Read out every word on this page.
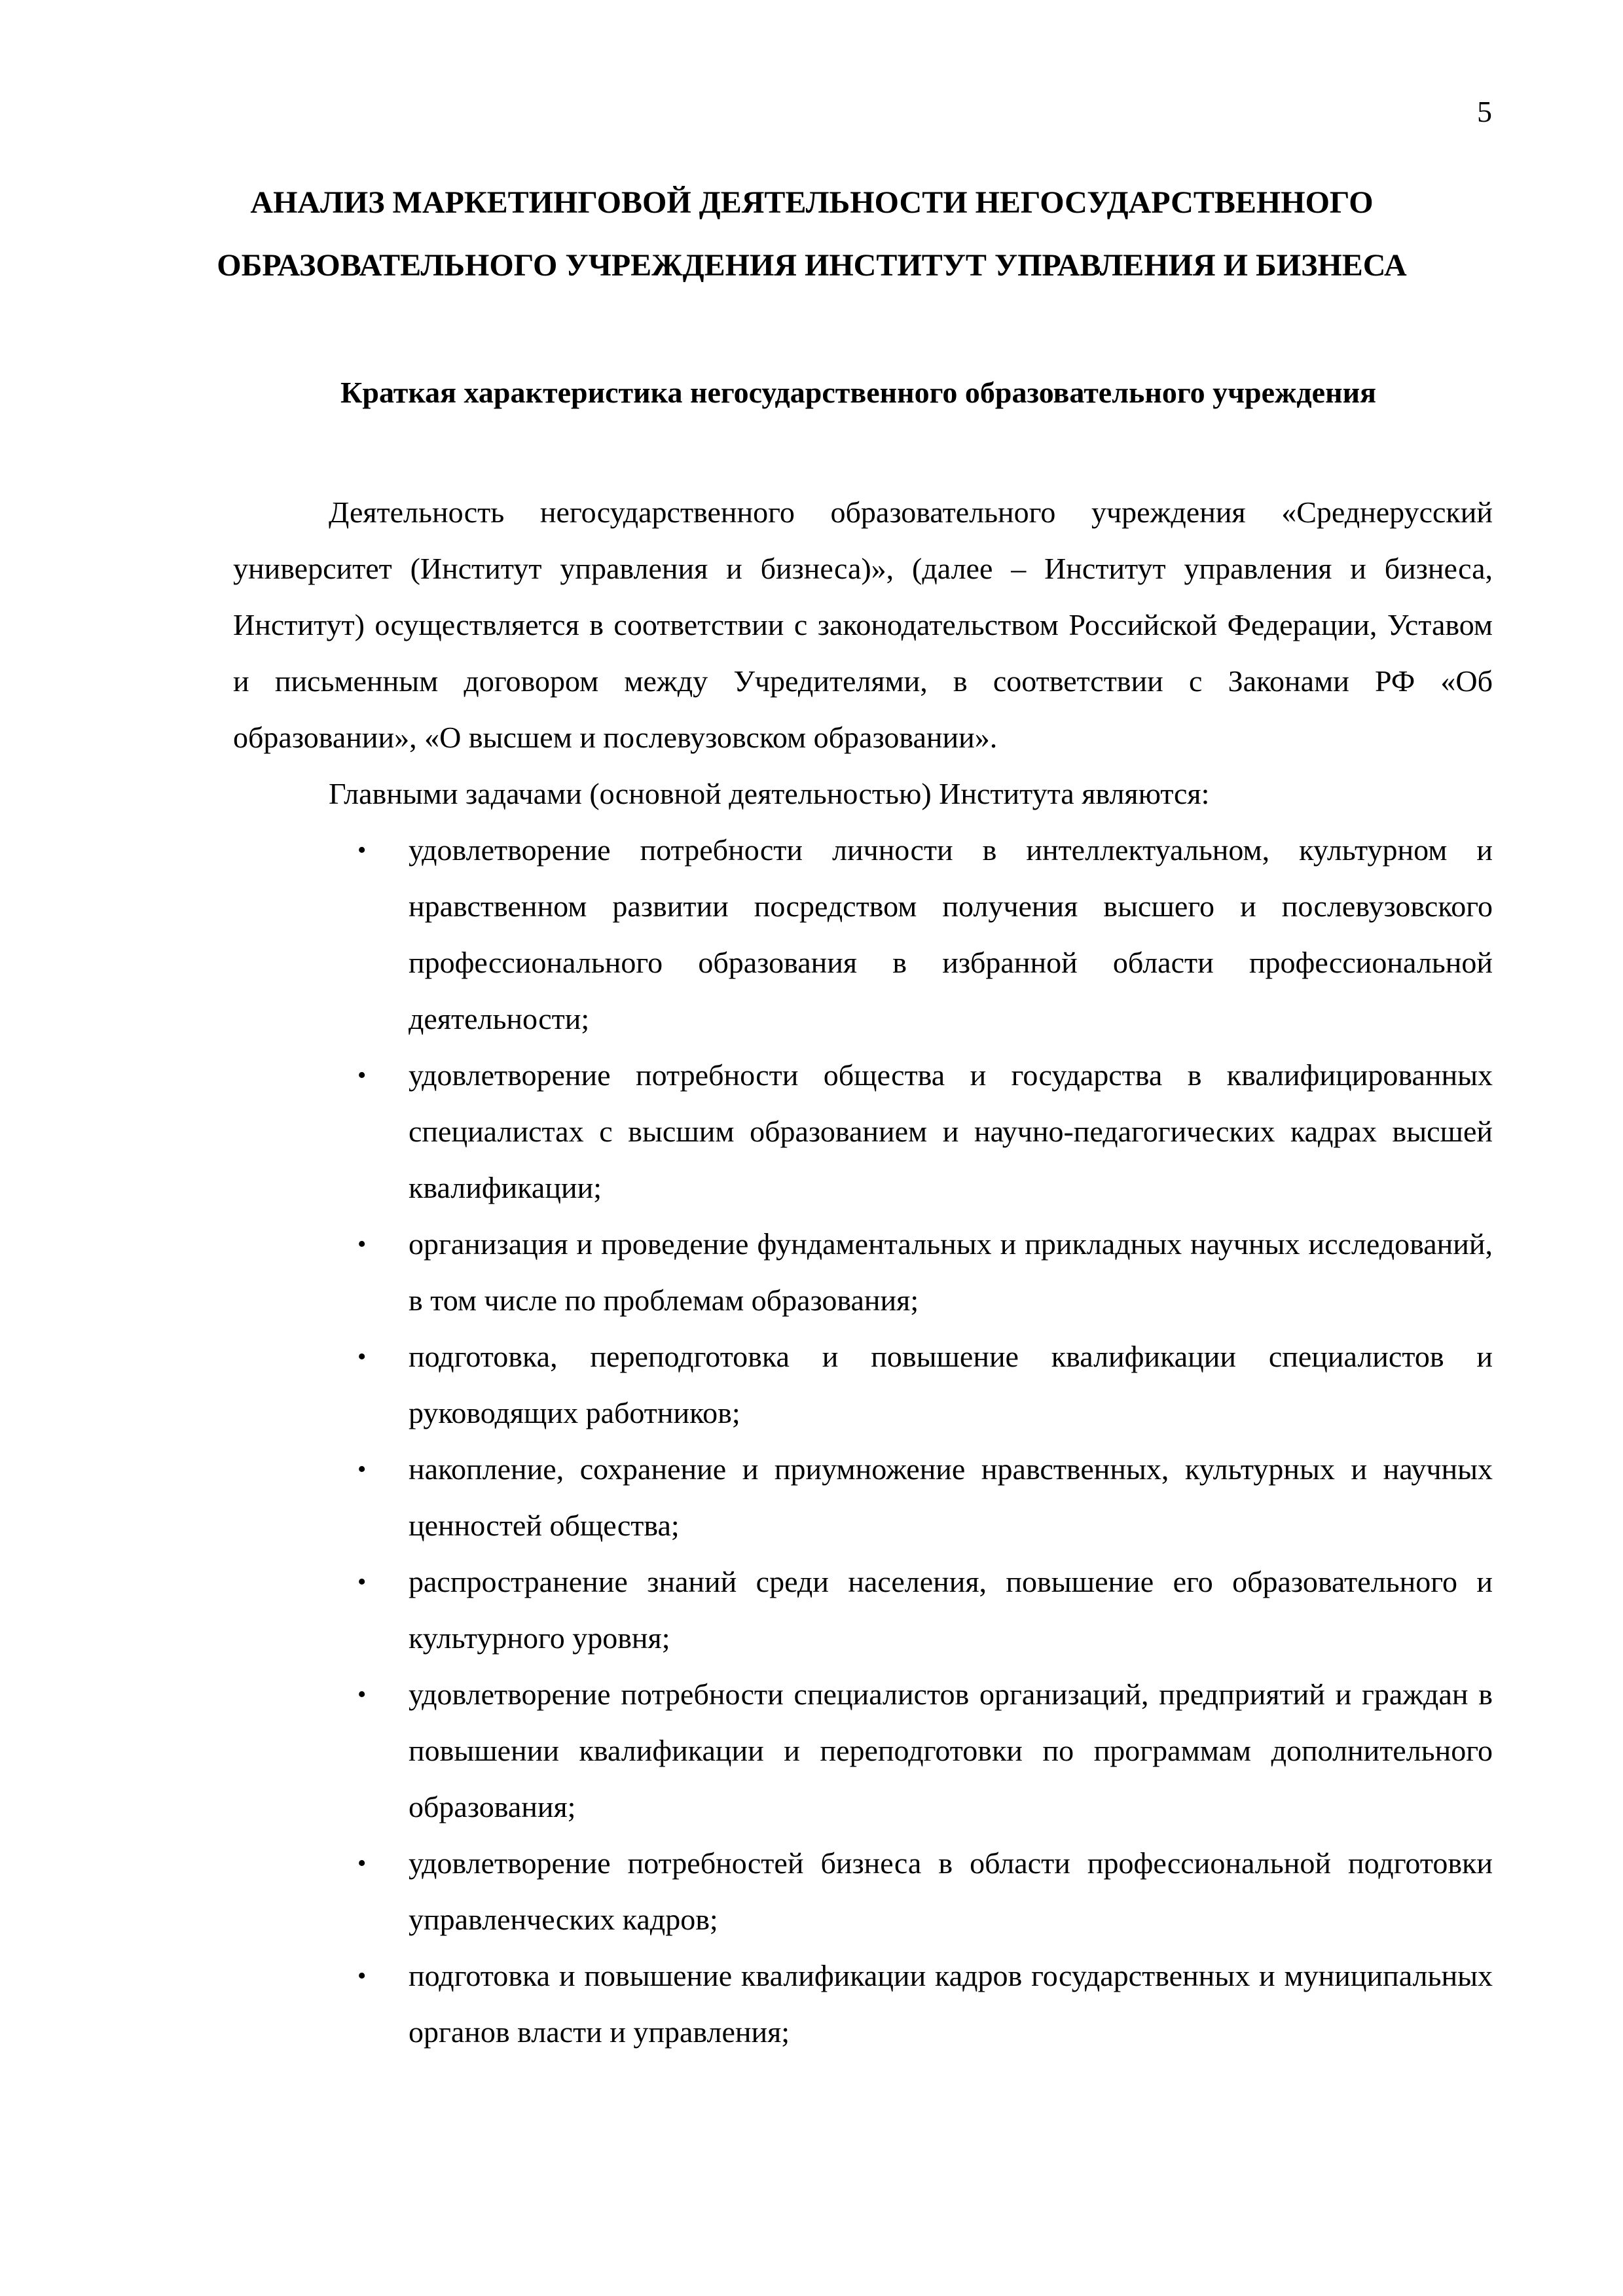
5
АНАЛИЗ МАРКЕТИНГОВОЙ ДЕЯТЕЛЬНОСТИ НЕГОСУДАРСТВЕННОГО
ОБРАЗОВАТЕЛЬНОГО УЧРЕЖДЕНИЯ ИНСТИТУТ УПРАВЛЕНИЯ И БИЗНЕСА
Краткая характеристика негосударственного образовательного учреждения

Деятельность негосударственного образовательного учреждения «Среднерусский университет (Институт управления и бизнеса)», (далее – Институт управления и бизнеса, Институт) осуществляется в соответствии с законодательством Российской Федерации, Уставом и письменным договором между Учредителями, в соответствии с Законами РФ «Об образовании», «О высшем и послевузовском образовании».

Главными задачами (основной деятельностью) Института являются:

• удовлетворение потребности личности в интеллектуальном, культурном и нравственном развитии посредством получения высшего и послевузовского профессионального образования в избранной области профессиональной деятельности;
• удовлетворение потребности общества и государства в квалифицированных специалистах с высшим образованием и научно-педагогических кадрах высшей квалификации;
• организация и проведение фундаментальных и прикладных научных исследований, в том числе по проблемам образования;
• подготовка, переподготовка и повышение квалификации специалистов и руководящих работников;
• накопление, сохранение и приумножение нравственных, культурных и научных ценностей общества;
• распространение знаний среди населения, повышение его образовательного и культурного уровня;
• удовлетворение потребности специалистов организаций, предприятий и граждан в повышении квалификации и переподготовки по программам дополнительного образования;
• удовлетворение потребностей бизнеса в области профессиональной подготовки управленческих кадров;
• подготовка и повышение квалификации кадров государственных и муниципальных органов власти и управления;
